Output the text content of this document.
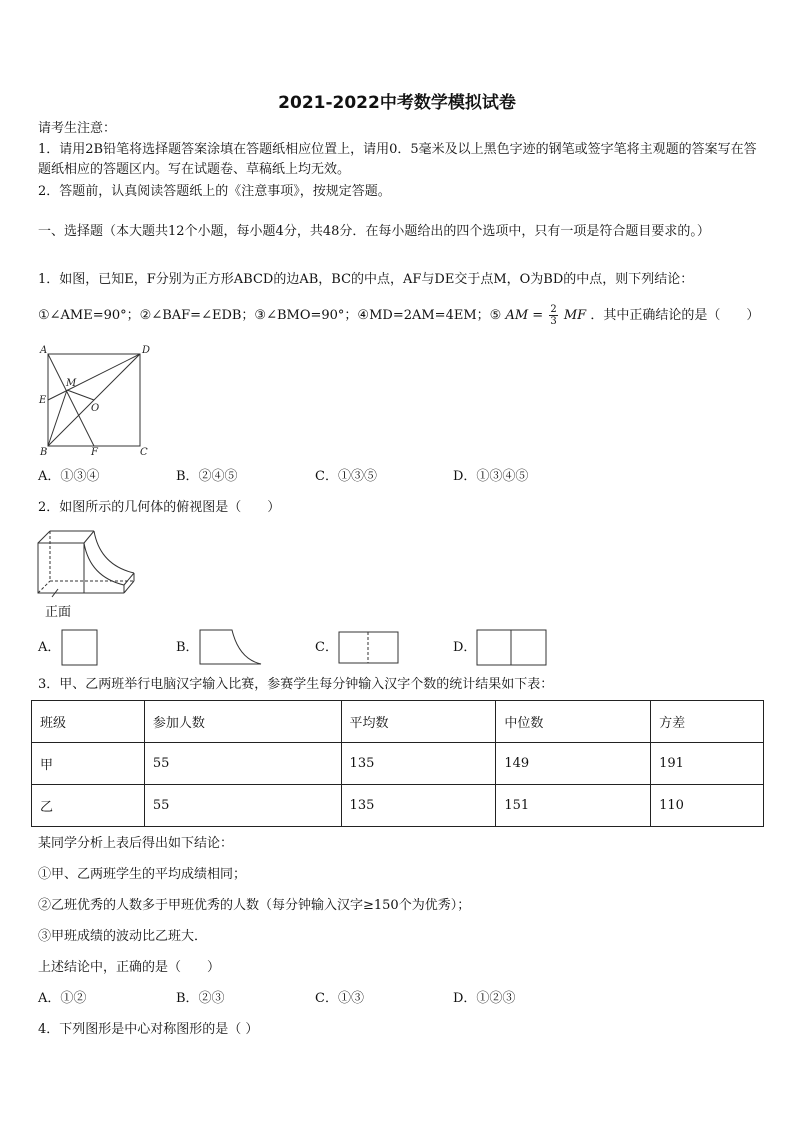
2021-2022中考数学模拟试卷
请考生注意：
1．请用2B铅笔将选择题答案涂填在答题纸相应位置上，请用0．5毫米及以上黑色字迹的钢笔或签字笔将主观题的答案写在答题纸相应的答题区内。写在试题卷、草稿纸上均无效。
2．答题前，认真阅读答题纸上的《注意事项》，按规定答题。
一、选择题（本大题共12个小题，每小题4分，共48分．在每小题给出的四个选项中，只有一项是符合题目要求的。）
1．如图，已知E，F分别为正方形ABCD的边AB，BC的中点，AF与DE交于点M，O为BD的中点，则下列结论：
①∠AME=90°；②∠BAF=∠EDB；③∠BMO=90°；④MD=2AM=4EM；⑤ AM = $\frac{2}{3}$ MF ．其中正确结论的是（　　）
A	D
M
E
O
B	F	C
A．①③④	B．②④⑤	C．①③⑤	D．①③④⑤
2．如图所示的几何体的俯视图是（　　）
正面
A．	B．	C．	D．
3．甲、乙两班举行电脑汉字输入比赛，参赛学生每分钟输入汉字个数的统计结果如下表：
班级	参加人数	平均数	中位数	方差
甲	55	135	149	191
乙	55	135	151	110
某同学分析上表后得出如下结论：
①甲、乙两班学生的平均成绩相同；
②乙班优秀的人数多于甲班优秀的人数（每分钟输入汉字≥150个为优秀）；
③甲班成绩的波动比乙班大．
上述结论中，正确的是（　　）
A．①②	B．②③	C．①③	D．①②③
4．下列图形是中心对称图形的是（ ）
